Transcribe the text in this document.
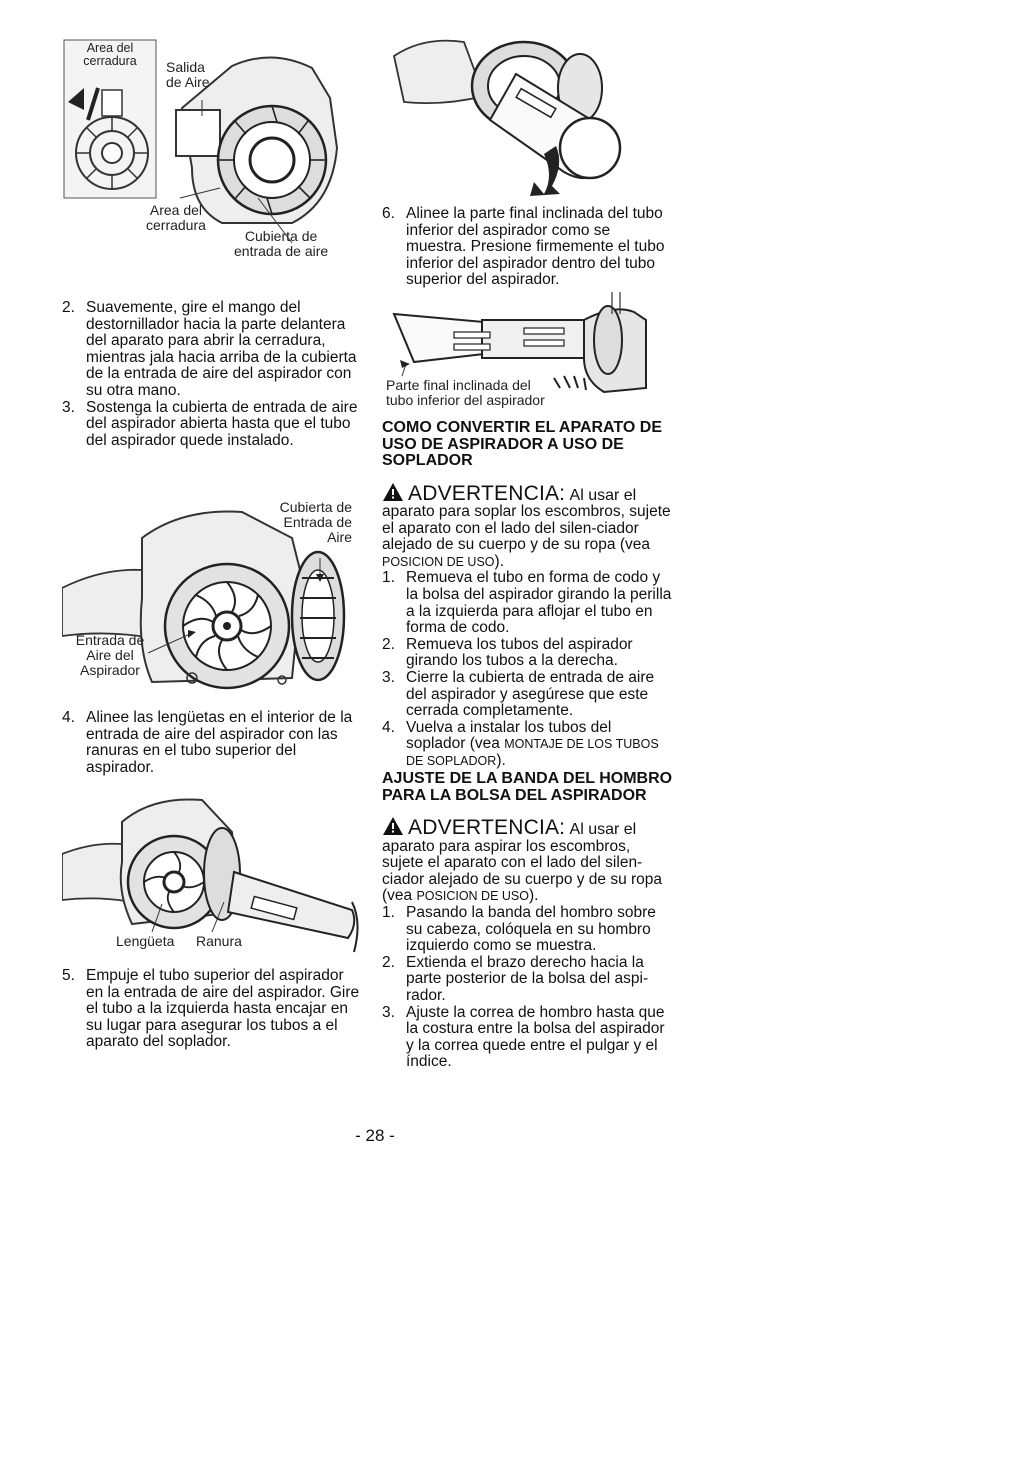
Area del
cerradura	Salida
de Aire
Area del
cerradura
Cubierta de
entrada de aire
2. Suavemente, gire el mango del destornillador hacia la parte delantera del aparato para abrir la cerradura, mientras jala hacia arriba de la cubierta de la entrada de aire del aspirador con su otra mano.
3. Sostenga la cubierta de entrada de aire del aspirador abierta hasta que el tubo del aspirador quede instalado.
Cubierta de
Entrada de
Aire
Entrada de
Aire del
Aspirador
4. Alinee las lengüetas en el interior de la entrada de aire del aspirador con las ranuras en el tubo superior del aspirador.
Lengüeta Ranura
5. Empuje el tubo superior del aspirador en la entrada de aire del aspirador. Gire el tubo a la izquierda hasta encajar en su lugar para asegurar los tubos a el aparato del soplador.
6. Alinee la parte final inclinada del tubo inferior del aspirador como se muestra. Presione firmemente el tubo inferior del aspirador dentro del tubo superior del aspirador.
Parte final inclinada del
tubo inferior del aspirador
COMO CONVERTIR EL APARATO DE USO DE ASPIRADOR A USO DE SOPLADOR

ADVERTENCIA: Al usar el
aparato para soplar los escombros, sujete el aparato con el lado del silen-ciador alejado de su cuerpo y de su ropa (vea POSICION DE USO).

1. Remueva el tubo en forma de codo y la bolsa del aspirador girando la perilla a la izquierda para aflojar el tubo en forma de codo.
2. Remueva los tubos del aspirador girando los tubos a la derecha.
3. Cierre la cubierta de entrada de aire del aspirador y asegúrese que este cerrada completamente.
4. Vuelva a instalar los tubos del soplador (vea MONTAJE DE LOS TUBOS DE SOPLADOR).
AJUSTE DE LA BANDA DEL HOMBRO PARA LA BOLSA DEL ASPIRADOR

ADVERTENCIA: Al usar el
aparato para aspirar los escombros, sujete el aparato con el lado del silen-ciador alejado de su cuerpo y de su ropa (vea POSICION DE USO).

1. Pasando la banda del hombro sobre su cabeza, colóquela en su hombro izquierdo como se muestra.
2. Extienda el brazo derecho hacia la parte posterior de la bolsa del aspi-rador.
3. Ajuste la correa de hombro hasta que la costura entre la bolsa del aspirador y la correa quede entre el pulgar y el índice.
- 28 -
